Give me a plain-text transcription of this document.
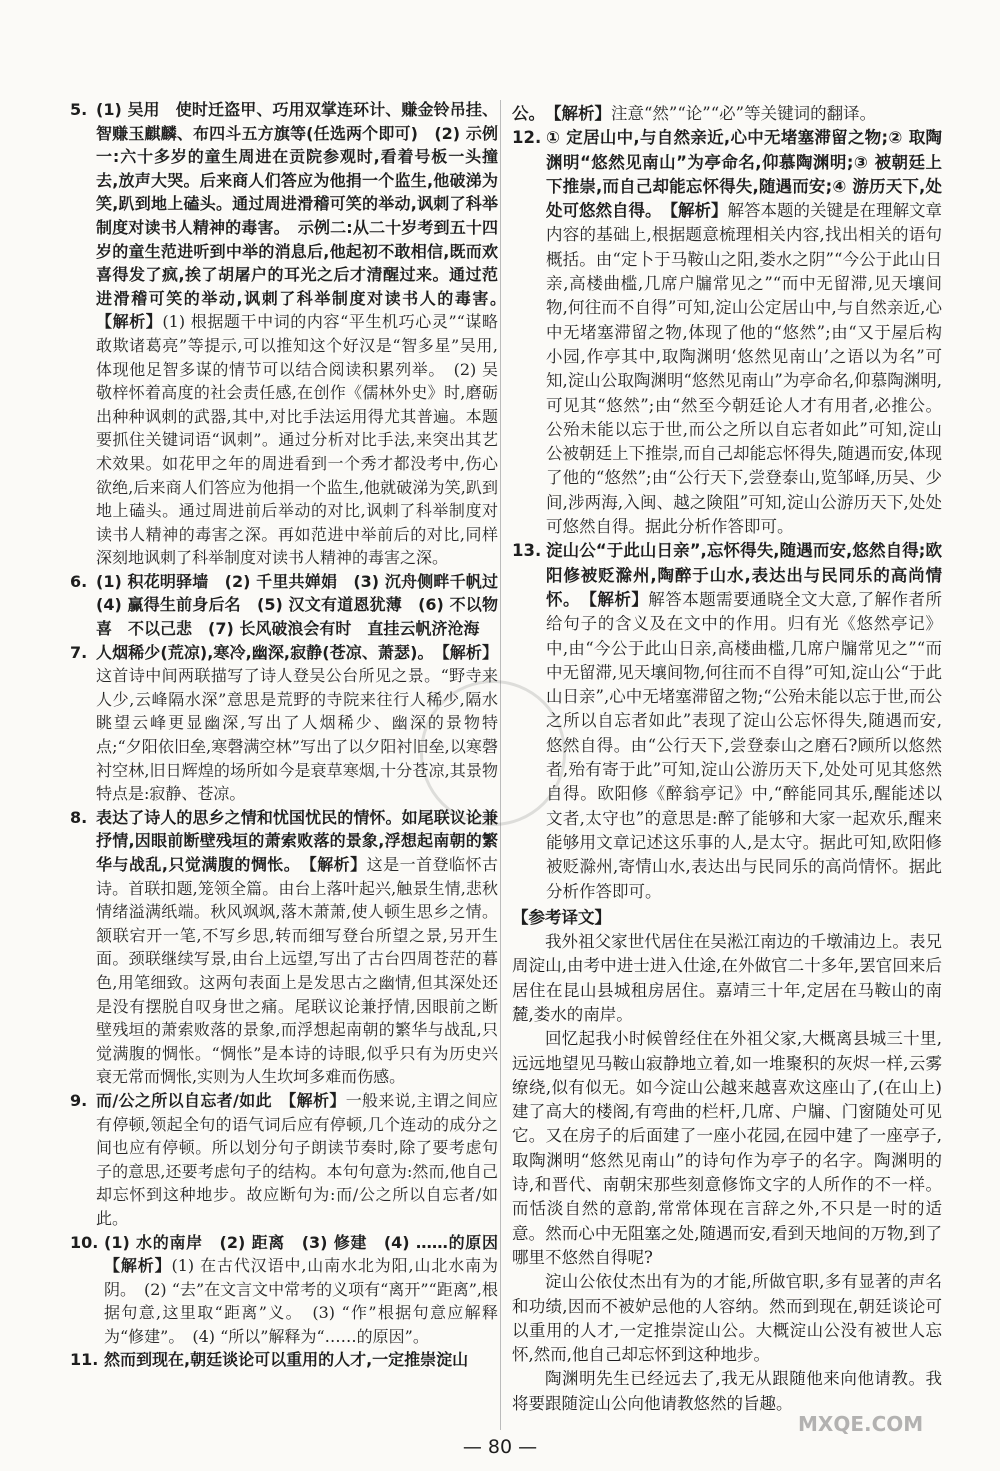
5. (1) 吴用　使时迁盗甲、巧用双掌连环计、赚金铃吊挂、智赚玉麒麟、布四斗五方旗等(任选两个即可)　(2) 示例一:六十多岁的童生周进在贡院参观时,看着号板一头撞去,放声大哭。后来商人们答应为他捐一个监生,他破涕为笑,趴到地上磕头。通过周进滑稽可笑的举动,讽刺了科举制度对读书人精神的毒害。　示例二:从二十岁考到五十四岁的童生范进听到中举的消息后,他起初不敢相信,既而欢喜得发了疯,挨了胡屠户的耳光之后才清醒过来。通过范进滑稽可笑的举动,讽刺了科举制度对读书人的毒害。　【解析】(1) 根据题干中词的内容“平生机巧心灵”“谋略敢欺诸葛亮”等提示,可以推知这个好汉是“智多星”吴用,体现他足智多谋的情节可以结合阅读积累列举。　(2) 吴敬梓怀着高度的社会责任感,在创作《儒林外史》时,磨砺出种种讽刺的武器,其中,对比手法运用得尤其普遍。本题要抓住关键词语“讽刺”。通过分析对比手法,来突出其艺术效果。如花甲之年的周进看到一个秀才都没考中,伤心欲绝,后来商人们答应为他捐一个监生,他就破涕为笑,趴到地上磕头。通过周进前后举动的对比,讽刺了科举制度对读书人精神的毒害之深。再如范进中举前后的对比,同样深刻地讽刺了科举制度对读书人精神的毒害之深。
6. (1) 积花明驿墙　(2) 千里共婵娟　(3) 沉舟侧畔千帆过　(4) 赢得生前身后名　(5) 汉文有道恩犹薄　(6) 不以物喜　不以己悲　(7) 长风破浪会有时　直挂云帆济沧海
7. 人烟稀少(荒凉),寒冷,幽深,寂静(苍凉、萧瑟)。　 【解析】这首诗中间两联描写了诗人登吴公台所见之景。“野寺来人少,云峰隔水深”意思是荒野的寺院来往行人稀少,隔水眺望云峰更显幽深,写出了人烟稀少、幽深的景物特点;“夕阳依旧垒,寒磬满空林”写出了以夕阳衬旧垒,以寒磬衬空林,旧日辉煌的场所如今是衰草寒烟,十分苍凉,其景物特点是:寂静、苍凉。
8. 表达了诗人的思乡之情和忧国忧民的情怀。如尾联议论兼抒情,因眼前断壁残垣的萧索败落的景象,浮想起南朝的繁华与战乱,只觉满腹的惆怅。　 【解析】这是一首登临怀古诗。首联扣题,笼领全篇。由台上落叶起兴,触景生情,悲秋情绪溢满纸端。秋风飒飒,落木萧萧,使人顿生思乡之情。颔联宕开一笔,不写乡思,转而细写登台所望之景,另开生面。颈联继续写景,由台上远望,写出了古台四周苍茫的暮色,用笔细致。这两句表面上是发思古之幽情,但其深处还是没有摆脱自叹身世之痛。尾联议论兼抒情,因眼前之断壁残垣的萧索败落的景象,而浮想起南朝的繁华与战乱,只觉满腹的惆怅。“惆怅”是本诗的诗眼,似乎只有为历史兴衰无常而惆怅,实则为人生坎坷多难而伤感。
9. 而/公之所以自忘者/如此　 【解析】一般来说,主谓之间应有停顿,领起全句的语气词后应有停顿,几个连动的成分之间也应有停顿。所以划分句子朗读节奏时,除了要考虑句子的意思,还要考虑句子的结构。本句句意为:然而,他自己却忘怀到这种地步。故应断句为:而/公之所以自忘者/如此。
10. (1) 水的南岸　(2) 距离　(3) 修建　(4) ……的原因　【解析】(1) 在古代汉语中,山南水北为阳,山北水南为阴。　(2) “去”在文言文中常考的义项有“离开”“距离”,根据句意,这里取“距离”义。　(3) “作”根据句意应解释为“修建”。　(4) “所以”解释为“……的原因”。
11. 然而到现在,朝廷谈论可以重用的人才,一定推崇淀山
公。　 【解析】注意“然”“论”“必”等关键词的翻译。
12. ① 定居山中,与自然亲近,心中无堵塞滞留之物;② 取陶渊明“悠然见南山”为亭命名,仰慕陶渊明;③ 被朝廷上下推崇,而自己却能忘怀得失,随遇而安;④ 游历天下,处处可悠然自得。　 【解析】解答本题的关键是在理解文章内容的基础上,根据题意梳理相关内容,找出相关的语句概括。由“定卜于马鞍山之阳,娄水之阴”“今公于此山日亲,高楼曲槛,几席户牖常见之”“而中无留滞,见天壤间物,何往而不自得”可知,淀山公定居山中,与自然亲近,心中无堵塞滞留之物,体现了他的“悠然”;由“又于屋后构小园,作亭其中,取陶渊明‘悠然见南山’之语以为名”可知,淀山公取陶渊明“悠然见南山”为亭命名,仰慕陶渊明,可见其“悠然”;由“然至今朝廷论人才有用者,必推公。公殆未能以忘于世,而公之所以自忘者如此”可知,淀山公被朝廷上下推崇,而自己却能忘怀得失,随遇而安,体现了他的“悠然”;由“公行天下,尝登泰山,览邹峄,历吴、少间,涉两海,入闽、越之険阻”可知,淀山公游历天下,处处可悠然自得。据此分析作答即可。
13. 淀山公“于此山日亲”,忘怀得失,随遇而安,悠然自得;欧阳修被贬滁州,陶醉于山水,表达出与民同乐的高尚情怀。　 【解析】解答本题需要通晓全文大意,了解作者所给句子的含义及在文中的作用。归有光《悠然亭记》中,由“今公于此山日亲,高楼曲槛,几席户牖常见之”“而中无留滞,见天壤间物,何往而不自得”可知,淀山公“于此山日亲”,心中无堵塞滞留之物;“公殆未能以忘于世,而公之所以自忘者如此”表现了淀山公忘怀得失,随遇而安,悠然自得。由“公行天下,尝登泰山之磨石?顾所以悠然者,殆有寄于此”可知,淀山公游历天下,处处可见其悠然自得。欧阳修《醉翁亭记》中,“醉能同其乐,醒能述以文者,太守也”的意思是:醉了能够和大家一起欢乐,醒来能够用文章记述这乐事的人,是太守。据此可知,欧阳修被贬滁州,寄情山水,表达出与民同乐的高尚情怀。据此分析作答即可。
【参考译文】
我外祖父家世代居住在吴淞江南边的千墩浦边上。表兄周淀山,由考中进士进入仕途,在外做官二十多年,罢官回来后居住在昆山县城租房居住。嘉靖三十年,定居在马鞍山的南麓,娄水的南岸。
回忆起我小时候曾经住在外祖父家,大概离县城三十里,远远地望见马鞍山寂静地立着,如一堆聚积的灰烬一样,云雾缭绕,似有似无。如今淀山公越来越喜欢这座山了,(在山上)建了高大的楼阁,有弯曲的栏杆,几席、户牖、门窗随处可见它。又在房子的后面建了一座小花园,在园中建了一座亭子,取陶渊明“悠然见南山”的诗句作为亭子的名字。陶渊明的诗,和晋代、南朝宋那些刻意修饰文字的人所作的不一样。而恬淡自然的意韵,常常体现在言辞之外,不只是一时的适意。然而心中无阻塞之处,随遇而安,看到天地间的万物,到了哪里不悠然自得呢?
淀山公依仗杰出有为的才能,所做官职,多有显著的声名和功绩,因而不被妒忌他的人容纳。然而到现在,朝廷谈论可以重用的人才,一定推崇淀山公。大概淀山公没有被世人忘怀,然而,他自己却忘怀到这种地步。
陶渊明先生已经远去了,我无从跟随他来向他请教。我将要跟随淀山公向他请教悠然的旨趣。
— 80 —
MXQE.COM
